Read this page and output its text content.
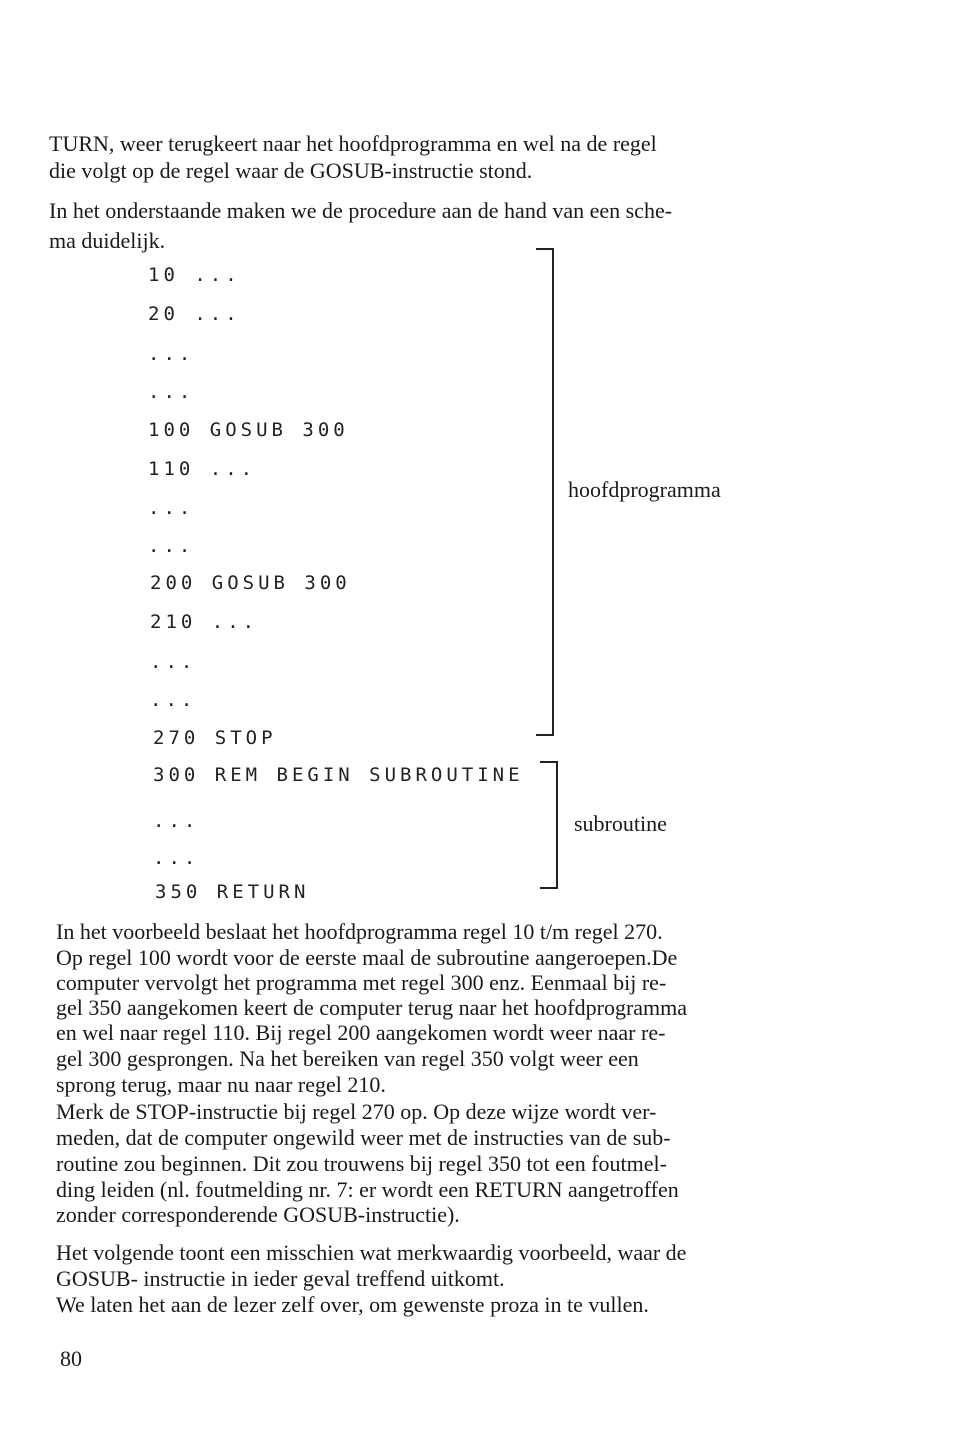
TURN, weer terugkeert naar het hoofdprogramma en wel na de regel
die volgt op de regel waar de GOSUB-instructie stond.
In het onderstaande maken we de procedure aan de hand van een sche-
ma duidelijk.
10 ...
20 ...
...
...
100 GOSUB 300
110 ...
...
...
200 GOSUB 300
210 ...
...
...
270 STOP
300 REM BEGIN SUBROUTINE
...
...
350 RETURN
hoofdprogramma
subroutine
In het voorbeeld beslaat het hoofdprogramma regel 10 t/m regel 270.
Op regel 100 wordt voor de eerste maal de subroutine aangeroepen.De
computer vervolgt het programma met regel 300 enz. Eenmaal bij re-
gel 350 aangekomen keert de computer terug naar het hoofdprogramma
en wel naar regel 110. Bij regel 200 aangekomen wordt weer naar re-
gel 300 gesprongen. Na het bereiken van regel 350 volgt weer een
sprong terug, maar nu naar regel 210.
Merk de STOP-instructie bij regel 270 op. Op deze wijze wordt ver-
meden, dat de computer ongewild weer met de instructies van de sub-
routine zou beginnen. Dit zou trouwens bij regel 350 tot een foutmel-
ding leiden (nl. foutmelding nr. 7: er wordt een RETURN aangetroffen
zonder corresponderende GOSUB-instructie).
Het volgende toont een misschien wat merkwaardig voorbeeld, waar de
GOSUB- instructie in ieder geval treffend uitkomt.
We laten het aan de lezer zelf over, om gewenste proza in te vullen.
80
